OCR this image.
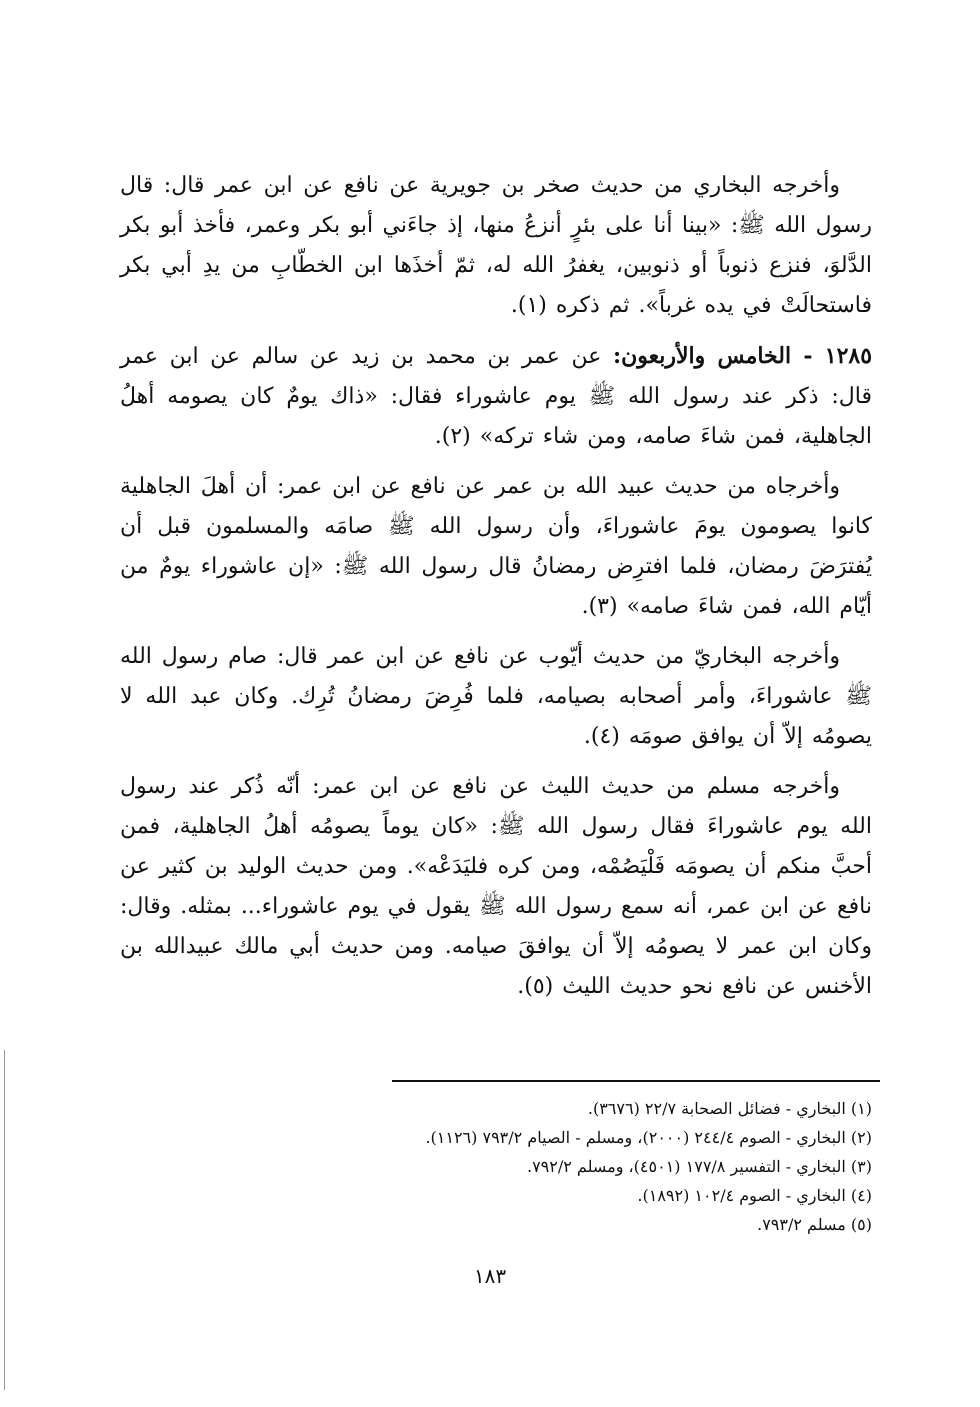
وأخرجه البخاري من حديث صخر بن جويرية عن نافع عن ابن عمر قال: قال رسول الله ﷺ: «بينا أنا على بئرٍ أنزعُ منها، إذ جاءَني أبو بكر وعمر، فأخذ أبو بكر الدَّلوَ، فنزع ذنوباً أو ذنوبين، يغفرُ الله له، ثمّ أخذَها ابن الخطّابِ من يدِ أبي بكر فاستحالَتْ في يده غرباً». ثم ذكره (١).

١٢٨٥ - الخامس والأربعون: عن عمر بن محمد بن زيد عن سالم عن ابن عمر قال: ذكر عند رسول الله ﷺ يوم عاشوراء فقال: «ذاك يومٌ كان يصومه أهلُ الجاهلية، فمن شاءَ صامه، ومن شاء تركه» (٢).

وأخرجاه من حديث عبيد الله بن عمر عن نافع عن ابن عمر: أن أهلَ الجاهلية كانوا يصومون يومَ عاشوراءَ، وأن رسول الله ﷺ صامَه والمسلمون قبل أن يُفترَضَ رمضان، فلما افترِض رمضانُ قال رسول الله ﷺ: «إن عاشوراء يومٌ من أيّام الله، فمن شاءَ صامه» (٣).

وأخرجه البخاريّ من حديث أيّوب عن نافع عن ابن عمر قال: صام رسول الله ﷺ عاشوراءَ، وأمر أصحابه بصيامه، فلما فُرِضَ رمضانُ تُرِك. وكان عبد الله لا يصومُه إلاّ أن يوافق صومَه (٤).

وأخرجه مسلم من حديث الليث عن نافع عن ابن عمر: أنّه ذُكر عند رسول الله يوم عاشوراءَ فقال رسول الله ﷺ: «كان يوماً يصومُه أهلُ الجاهلية، فمن أحبَّ منكم أن يصومَه فَلْيَصُمْه، ومن كره فليَدَعْه». ومن حديث الوليد بن كثير عن نافع عن ابن عمر، أنه سمع رسول الله ﷺ يقول في يوم عاشوراء... بمثله. وقال: وكان ابن عمر لا يصومُه إلاّ أن يوافقَ صيامه. ومن حديث أبي مالك عبيدالله بن الأخنس عن نافع نحو حديث الليث (٥).

(١) البخاري - فضائل الصحابة ٢٢/٧ (٣٦٧٦).

(٢) البخاري - الصوم ٢٤٤/٤ (٢٠٠٠)، ومسلم - الصيام ٧٩٣/٢ (١١٢٦).

(٣) البخاري - التفسير ١٧٧/٨ (٤٥٠١)، ومسلم ٧٩٢/٢.

(٤) البخاري - الصوم ١٠٢/٤ (١٨٩٢).

(٥) مسلم ٧٩٣/٢.

١٨٣
